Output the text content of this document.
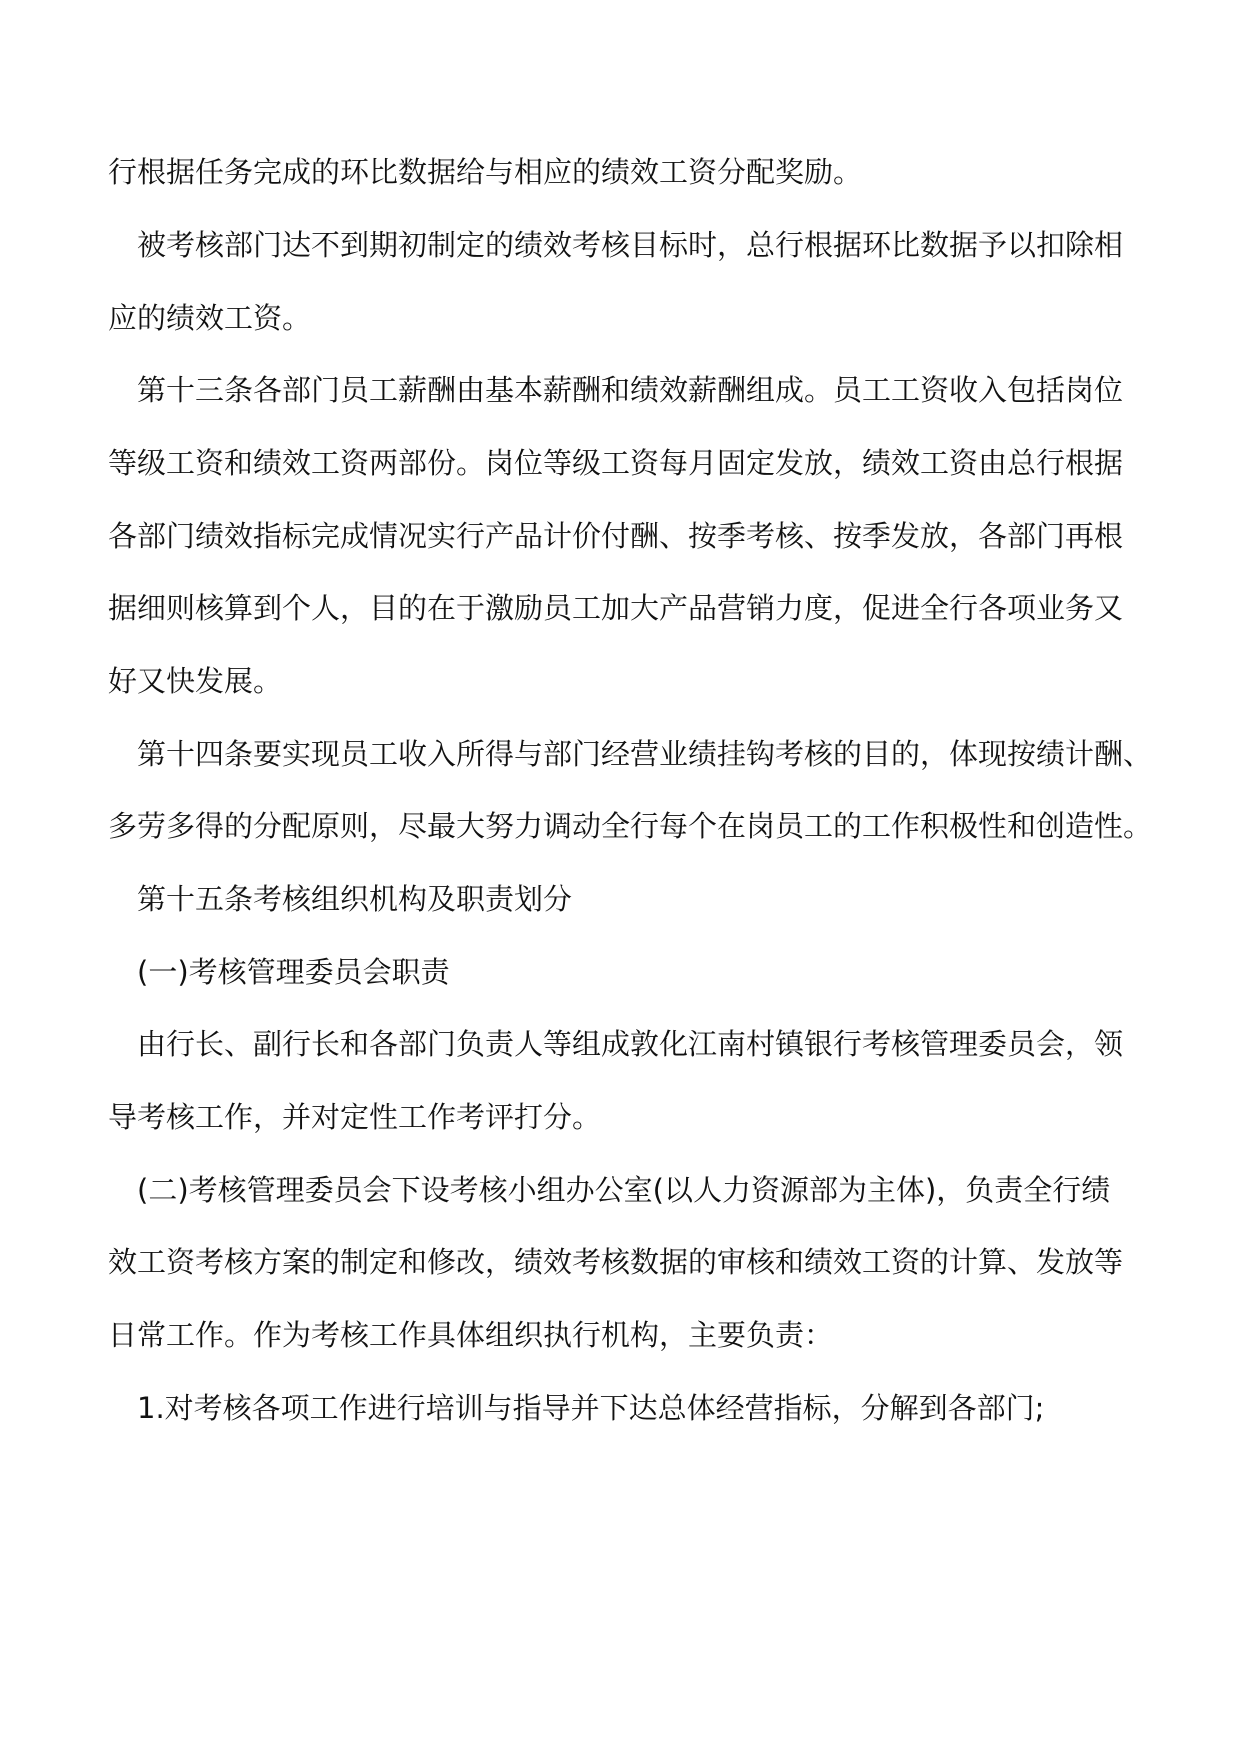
行根据任务完成的环比数据给与相应的绩效工资分配奖励。
被考核部门达不到期初制定的绩效考核目标时，总行根据环比数据予以扣除相
应的绩效工资。
第十三条各部门员工薪酬由基本薪酬和绩效薪酬组成。员工工资收入包括岗位
等级工资和绩效工资两部份。岗位等级工资每月固定发放，绩效工资由总行根据
各部门绩效指标完成情况实行产品计价付酬、按季考核、按季发放，各部门再根
据细则核算到个人，目的在于激励员工加大产品营销力度，促进全行各项业务又
好又快发展。
第十四条要实现员工收入所得与部门经营业绩挂钩考核的目的，体现按绩计酬、
多劳多得的分配原则，尽最大努力调动全行每个在岗员工的工作积极性和创造性。
第十五条考核组织机构及职责划分
(一)考核管理委员会职责
由行长、副行长和各部门负责人等组成敦化江南村镇银行考核管理委员会，领
导考核工作，并对定性工作考评打分。
(二)考核管理委员会下设考核小组办公室(以人力资源部为主体)，负责全行绩
效工资考核方案的制定和修改，绩效考核数据的审核和绩效工资的计算、发放等
日常工作。作为考核工作具体组织执行机构，主要负责：
1.对考核各项工作进行培训与指导并下达总体经营指标，分解到各部门;
